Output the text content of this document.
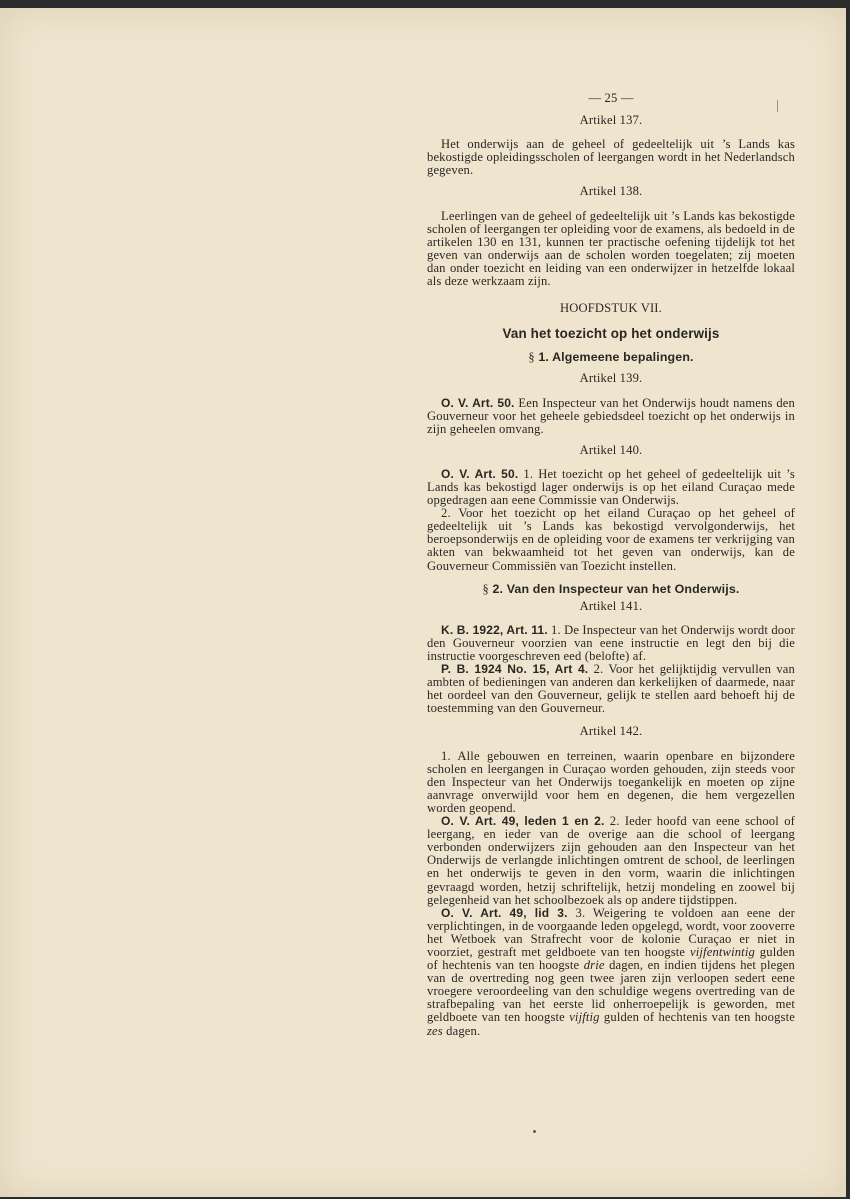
— 25 —
Artikel 137.

Het onderwijs aan de geheel of gedeeltelijk uit ’s Lands kas bekostigde opleidingsscholen of leergangen wordt in het Nederlandsch gegeven.

Artikel 138.

Leerlingen van de geheel of gedeeltelijk uit ’s Lands kas bekostigde scholen of leergangen ter opleiding voor de examens, als bedoeld in de artikelen 130 en 131, kunnen ter practische oefening tijdelijk tot het geven van onderwijs aan de scholen worden toegelaten; zij moeten dan onder toezicht en leiding van een onderwijzer in hetzelfde lokaal als deze werkzaam zijn.

HOOFDSTUK VII.
Van het toezicht op het onderwijs
§ 1. Algemeene bepalingen.
Artikel 139.

O. V. Art. 50. Een Inspecteur van het Onderwijs houdt namens den Gouverneur voor het geheele gebiedsdeel toezicht op het onderwijs in zijn geheelen omvang.

Artikel 140.

O. V. Art. 50. 1. Het toezicht op het geheel of gedeeltelijk uit ’s Lands kas bekostigd lager onderwijs is op het eiland Curaçao mede opgedragen aan eene Commissie van Onderwijs.

2. Voor het toezicht op het eiland Curaçao op het geheel of gedeeltelijk uit ’s Lands kas bekostigd vervolgonderwijs, het beroepsonderwijs en de opleiding voor de examens ter verkrijging van akten van bekwaamheid tot het geven van onderwijs, kan de Gouverneur Commissiën van Toezicht instellen.

§ 2. Van den Inspecteur van het Onderwijs.
Artikel 141.

K. B. 1922, Art. 11. 1. De Inspecteur van het Onderwijs wordt door den Gouverneur voorzien van eene instructie en legt den bij die instructie voorgeschreven eed (belofte) af.

P. B. 1924 No. 15, Art 4. 2. Voor het gelijktijdig vervullen van ambten of bedieningen van anderen dan kerkelijken of daarmede, naar het oordeel van den Gouverneur, gelijk te stellen aard behoeft hij de toestemming van den Gouverneur.

Artikel 142.

1. Alle gebouwen en terreinen, waarin openbare en bijzondere scholen en leergangen in Curaçao worden gehouden, zijn steeds voor den Inspecteur van het Onderwijs toegankelijk en moeten op zijne aanvrage onverwijld voor hem en degenen, die hem vergezellen worden geopend.

O. V. Art. 49, leden 1 en 2. 2. Ieder hoofd van eene school of leergang, en ieder van de overige aan die school of leergang verbonden onderwijzers zijn gehouden aan den Inspecteur van het Onderwijs de verlangde inlichtingen omtrent de school, de leerlingen en het onderwijs te geven in den vorm, waarin die inlichtingen gevraagd worden, hetzij schriftelijk, hetzij mondeling en zoowel bij gelegenheid van het schoolbezoek als op andere tijdstippen.

O. V. Art. 49, lid 3. 3. Weigering te voldoen aan eene der verplichtingen, in de voorgaande leden opgelegd, wordt, voor zooverre het Wetboek van Strafrecht voor de kolonie Curaçao er niet in voorziet, gestraft met geldboete van ten hoogste vijfentwintig gulden of hechtenis van ten hoogste drie dagen, en indien tijdens het plegen van de overtreding nog geen twee jaren zijn verloopen sedert eene vroegere veroordeeling van den schuldige wegens overtreding van de strafbepaling van het eerste lid onherroepelijk is geworden, met geldboete van ten hoogste vijftig gulden of hechtenis van ten hoogste zes dagen.
